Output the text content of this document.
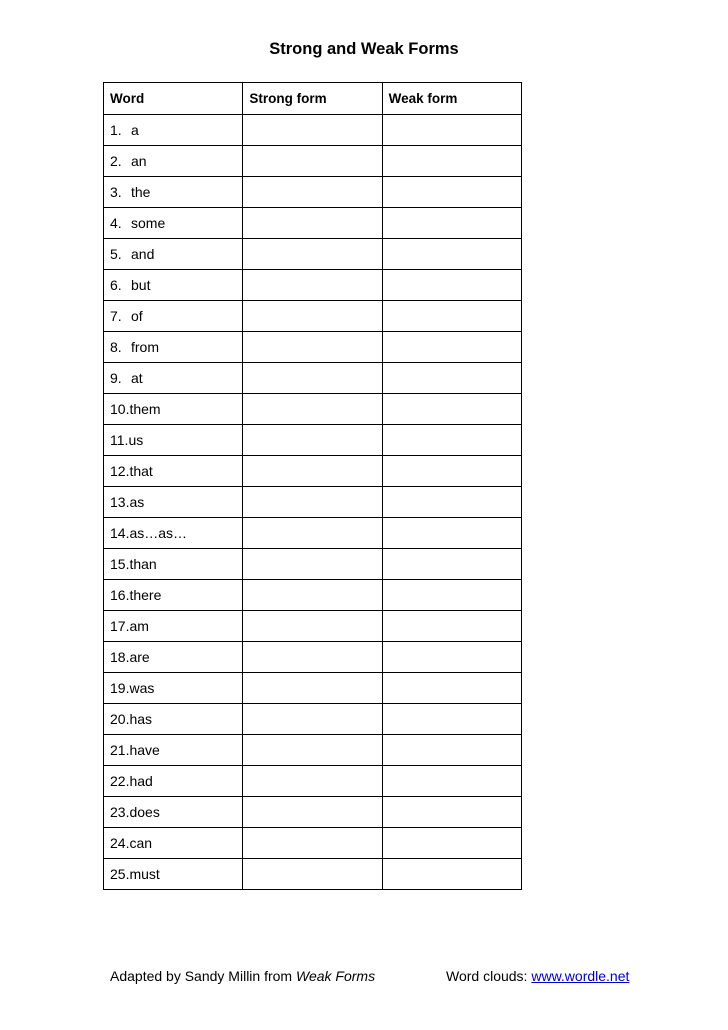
Strong and Weak Forms
Word	Strong form	Weak form
1. a		
2. an		
3. the		
4. some		
5. and		
6. but		
7. of		
8. from		
9. at		
10.them		
11.us		
12.that		
13.as		
14.as…as…		
15.than		
16.there		
17.am		
18.are		
19.was		
20.has		
21.have		
22.had		
23.does		
24.can		
25.must		
Adapted by Sandy Millin from Weak Forms	Word clouds: www.wordle.net
